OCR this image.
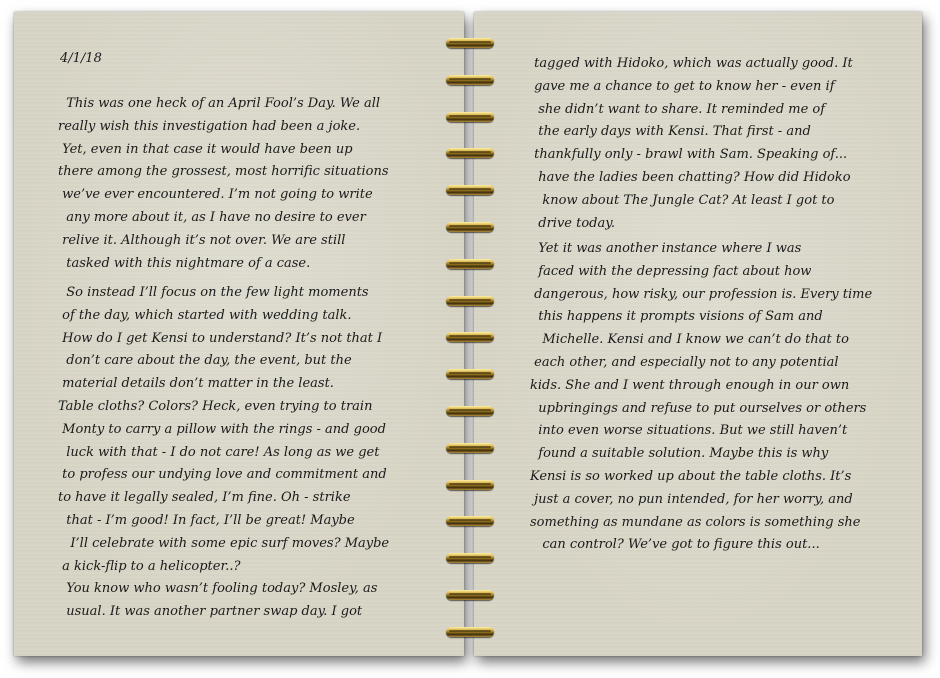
4/1/18

This was one heck of an April Fool’s Day. We all
really wish this investigation had been a joke.
Yet, even in that case it would have been up
there among the grossest, most horrific situations
we’ve ever encountered. I’m not going to write
any more about it, as I have no desire to ever
relive it. Although it’s not over. We are still
tasked with this nightmare of a case.

So instead I’ll focus on the few light moments
of the day, which started with wedding talk.
How do I get Kensi to understand? It’s not that I
don’t care about the day, the event, but the
material details don’t matter in the least.
Table cloths? Colors? Heck, even trying to train
Monty to carry a pillow with the rings - and good
luck with that - I do not care! As long as we get
to profess our undying love and commitment and
to have it legally sealed, I’m fine. Oh - strike
that - I’m good! In fact, I’ll be great! Maybe
I’ll celebrate with some epic surf moves? Maybe
a kick-flip to a helicopter..?

You know who wasn’t fooling today? Mosley, as
usual. It was another partner swap day. I got

tagged with Hidoko, which was actually good. It
gave me a chance to get to know her - even if
she didn’t want to share. It reminded me of
the early days with Kensi. That first - and
thankfully only - brawl with Sam. Speaking of...
have the ladies been chatting? How did Hidoko
know about The Jungle Cat? At least I got to
drive today.

Yet it was another instance where I was
faced with the depressing fact about how
dangerous, how risky, our profession is. Every time
this happens it prompts visions of Sam and
Michelle. Kensi and I know we can’t do that to
each other, and especially not to any potential
kids. She and I went through enough in our own
upbringings and refuse to put ourselves or others
into even worse situations. But we still haven’t
found a suitable solution. Maybe this is why
Kensi is so worked up about the table cloths. It’s
just a cover, no pun intended, for her worry, and
something as mundane as colors is something she
can control? We’ve got to figure this out...
